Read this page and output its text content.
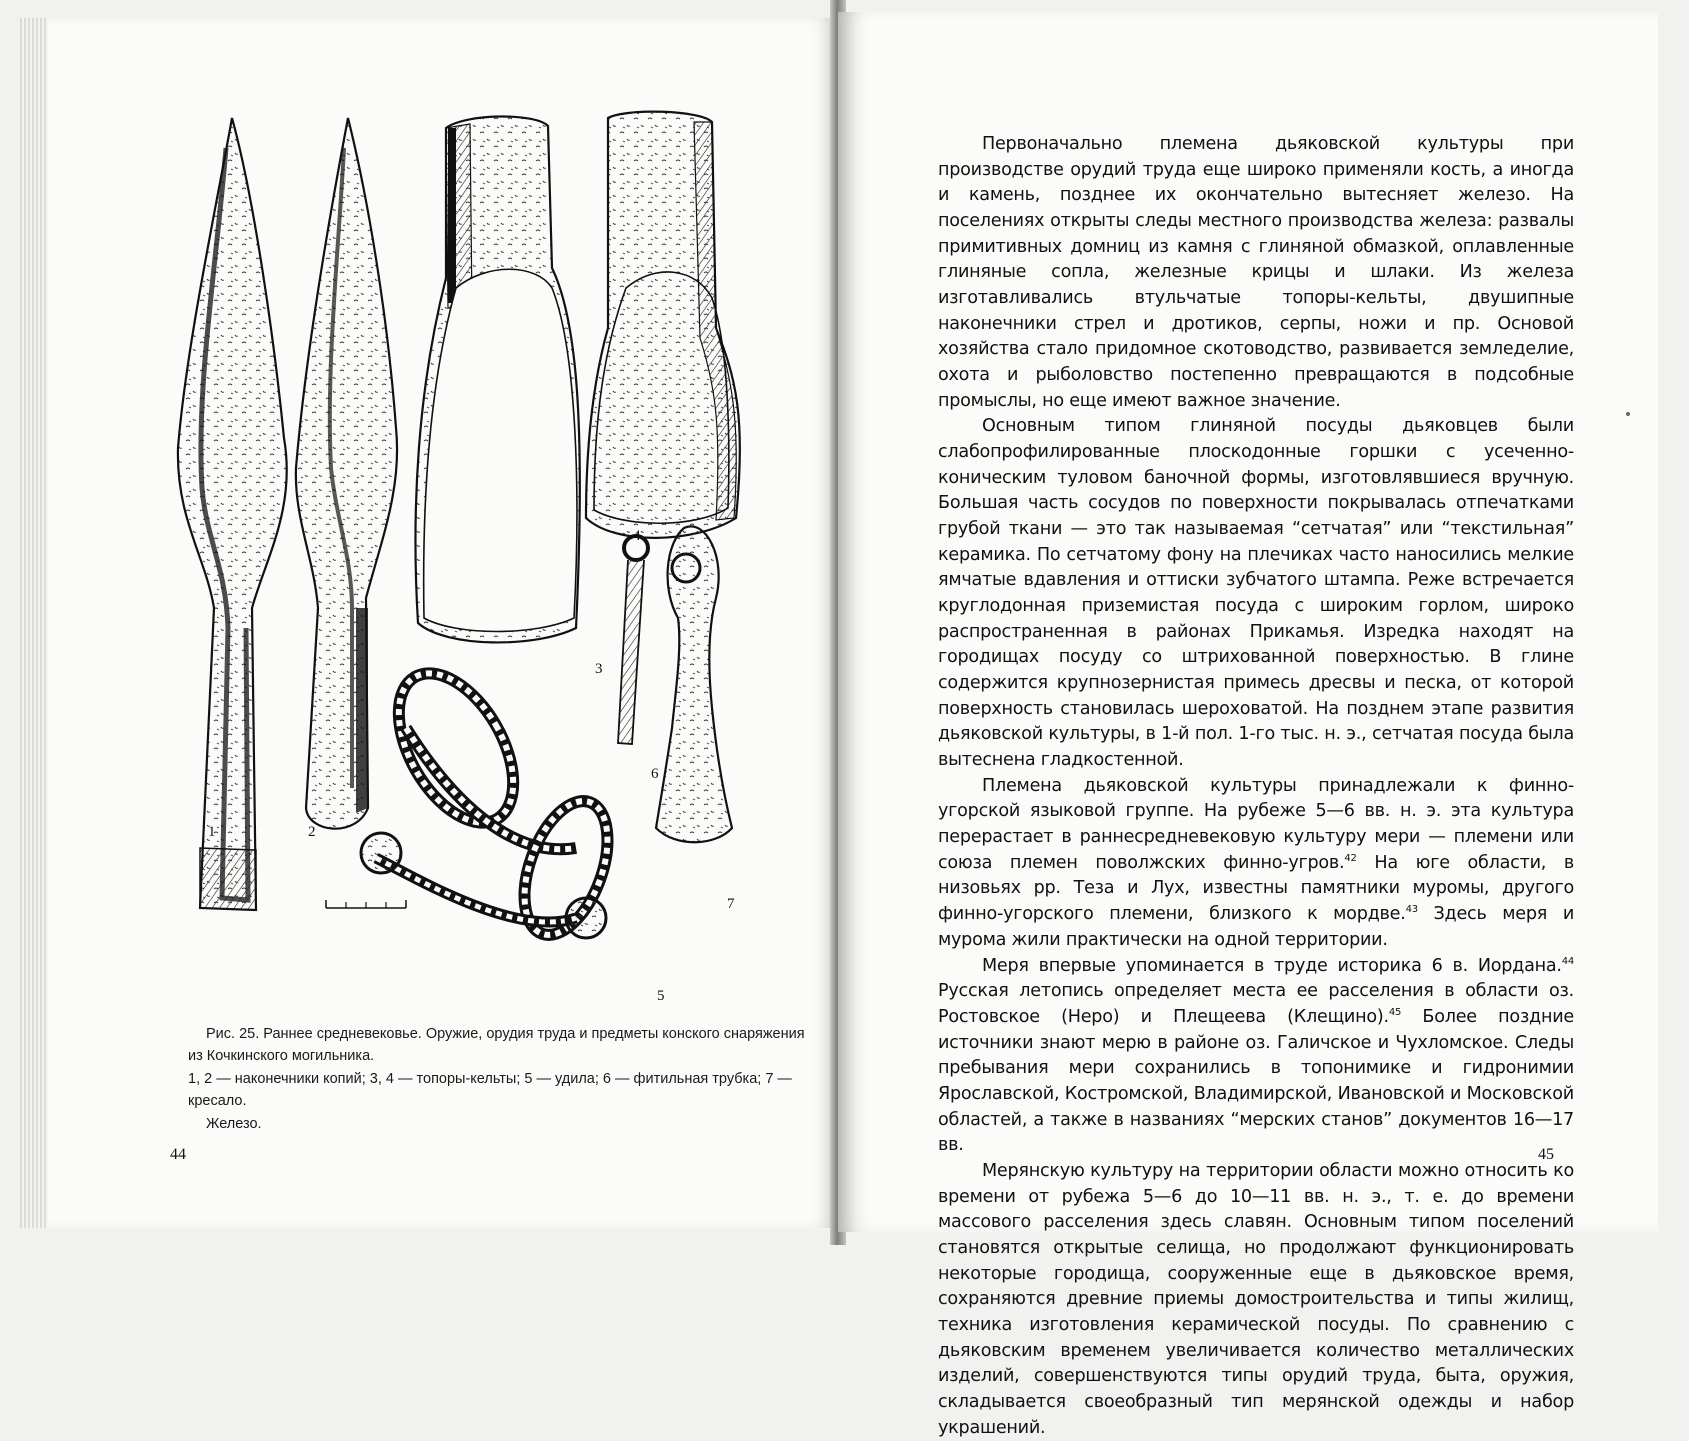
1	2
3
4
5
6
7

Рис. 25. Раннее средневековье. Оружие, орудия труда и предметы конского снаряжения из Кочкинского могильника.

1, 2 — наконечники копий; 3, 4 — топоры-кельты; 5 — удила; 6 — фитильная трубка; 7 — кресало.

Железо.

44

Первоначально племена дьяковской культуры при производстве орудий труда еще широко применяли кость, а иногда и камень, позднее их окончательно вытесняет железо. На поселениях открыты следы местного производства железа: развалы примитивных домниц из камня с глиняной обмазкой, оплавленные глиняные сопла, железные крицы и шлаки. Из железа изготавливались втульчатые топоры-кельты, двушипные наконечники стрел и дротиков, серпы, ножи и пр. Основой хозяйства стало придомное скотоводство, развивается земледелие, охота и рыболовство постепенно превращаются в подсобные промыслы, но еще имеют важное значение.

Основным типом глиняной посуды дьяковцев были слабопрофилированные плоскодонные горшки с усеченно-коническим туловом баночной формы, изготовлявшиеся вручную. Большая часть сосудов по поверхности покрывалась отпечатками грубой ткани — это так называемая “сетчатая” или “текстильная” керамика. По сетчатому фону на плечиках часто наносились мелкие ямчатые вдавления и оттиски зубчатого штампа. Реже встречается круглодонная приземистая посуда с широким горлом, широко распространенная в районах Прикамья. Изредка находят на городищах посуду со штрихованной поверхностью. В глине содержится крупнозернистая примесь дресвы и песка, от которой поверхность становилась шероховатой. На позднем этапе развития дьяковской культуры, в 1-й пол. 1-го тыс. н. э., сетчатая посуда была вытеснена гладкостенной.

Племена дьяковской культуры принадлежали к финно-угорской языковой группе. На рубеже 5—6 вв. н. э. эта культура перерастает в раннесредневековую культуру мери — племени или союза племен поволжских финно-угров.$^{42}$ На юге области, в низовьях рр. Теза и Лух, известны памятники муромы, другого финно-угорского племени, близкого к мордве.$^{43}$ Здесь меря и мурома жили практически на одной территории.

Меря впервые упоминается в труде историка 6 в. Иордана.$^{44}$ Русская летопись определяет места ее расселения в области оз. Ростовское (Неро) и Плещеева (Клещино).$^{45}$ Более поздние источники знают мерю в районе оз. Галичское и Чухломское. Следы пребывания мери сохранились в топонимике и гидронимии Ярославской, Костромской, Владимирской, Ивановской и Московской областей, а также в названиях “мерских станов” документов 16—17 вв.

Мерянскую культуру на территории области можно относить ко времени от рубежа 5—6 до 10—11 вв. н. э., т. е. до времени массового расселения здесь славян. Основным типом поселений становятся открытые селища, но продолжают функционировать некоторые городища, сооруженные еще в дьяковское время, сохраняются древние приемы домостроительства и типы жилищ, техника изготовления керамической посуды. По сравнению с дьяковским временем увеличивается количество металлических изделий, совершенствуются типы орудий труда, быта, оружия, складывается своеобразный тип мерянской одежды и набор украшений.

45
